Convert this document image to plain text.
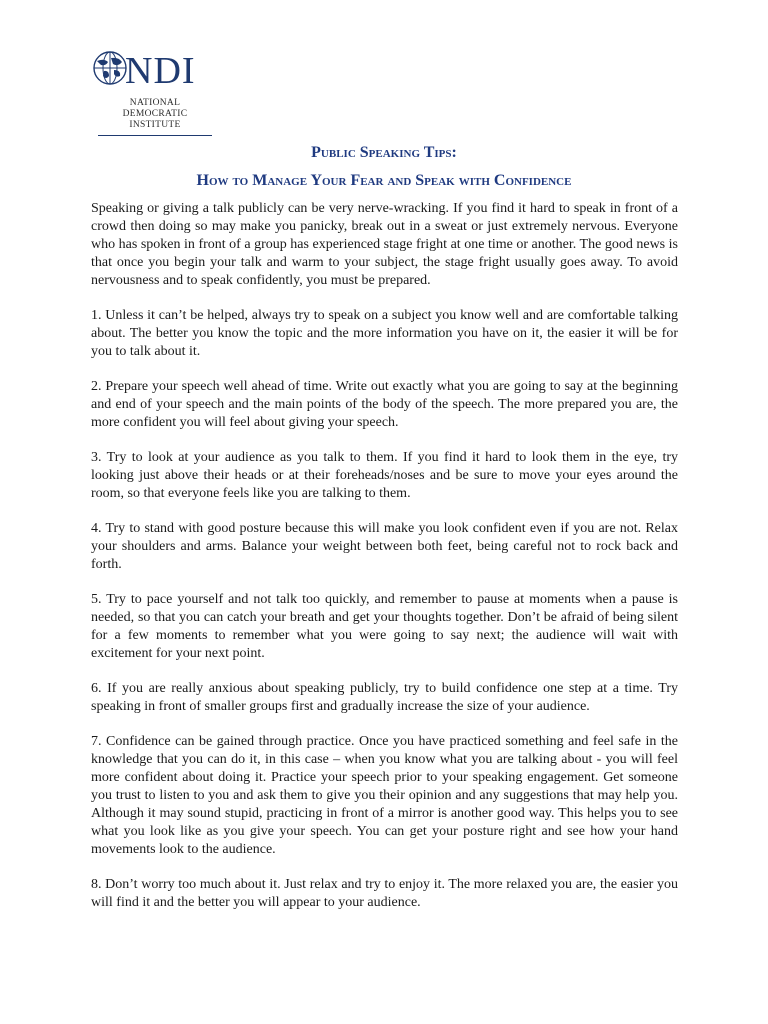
NDI
NATIONAL
DEMOCRATIC
INSTITUTE
Public Speaking Tips:
How to Manage Your Fear and Speak with Confidence

Speaking or giving a talk publicly can be very nerve-wracking. If you find it hard to speak in front of a crowd then doing so may make you panicky, break out in a sweat or just extremely nervous. Everyone who has spoken in front of a group has experienced stage fright at one time or another. The good news is that once you begin your talk and warm to your subject, the stage fright usually goes away. To avoid nervousness and to speak confidently, you must be prepared.

1. Unless it can’t be helped, always try to speak on a subject you know well and are comfortable talking about. The better you know the topic and the more information you have on it, the easier it will be for you to talk about it.

2. Prepare your speech well ahead of time. Write out exactly what you are going to say at the beginning and end of your speech and the main points of the body of the speech. The more prepared you are, the more confident you will feel about giving your speech.

3. Try to look at your audience as you talk to them. If you find it hard to look them in the eye, try looking just above their heads or at their foreheads/noses and be sure to move your eyes around the room, so that everyone feels like you are talking to them.

4. Try to stand with good posture because this will make you look confident even if you are not. Relax your shoulders and arms. Balance your weight between both feet, being careful not to rock back and forth.

5. Try to pace yourself and not talk too quickly, and remember to pause at moments when a pause is needed, so that you can catch your breath and get your thoughts together. Don’t be afraid of being silent for a few moments to remember what you were going to say next; the audience will wait with excitement for your next point.

6. If you are really anxious about speaking publicly, try to build confidence one step at a time. Try speaking in front of smaller groups first and gradually increase the size of your audience.

7. Confidence can be gained through practice. Once you have practiced something and feel safe in the knowledge that you can do it, in this case – when you know what you are talking about - you will feel more confident about doing it. Practice your speech prior to your speaking engagement. Get someone you trust to listen to you and ask them to give you their opinion and any suggestions that may help you. Although it may sound stupid, practicing in front of a mirror is another good way. This helps you to see what you look like as you give your speech. You can get your posture right and see how your hand movements look to the audience.

8. Don’t worry too much about it. Just relax and try to enjoy it. The more relaxed you are, the easier you will find it and the better you will appear to your audience.
